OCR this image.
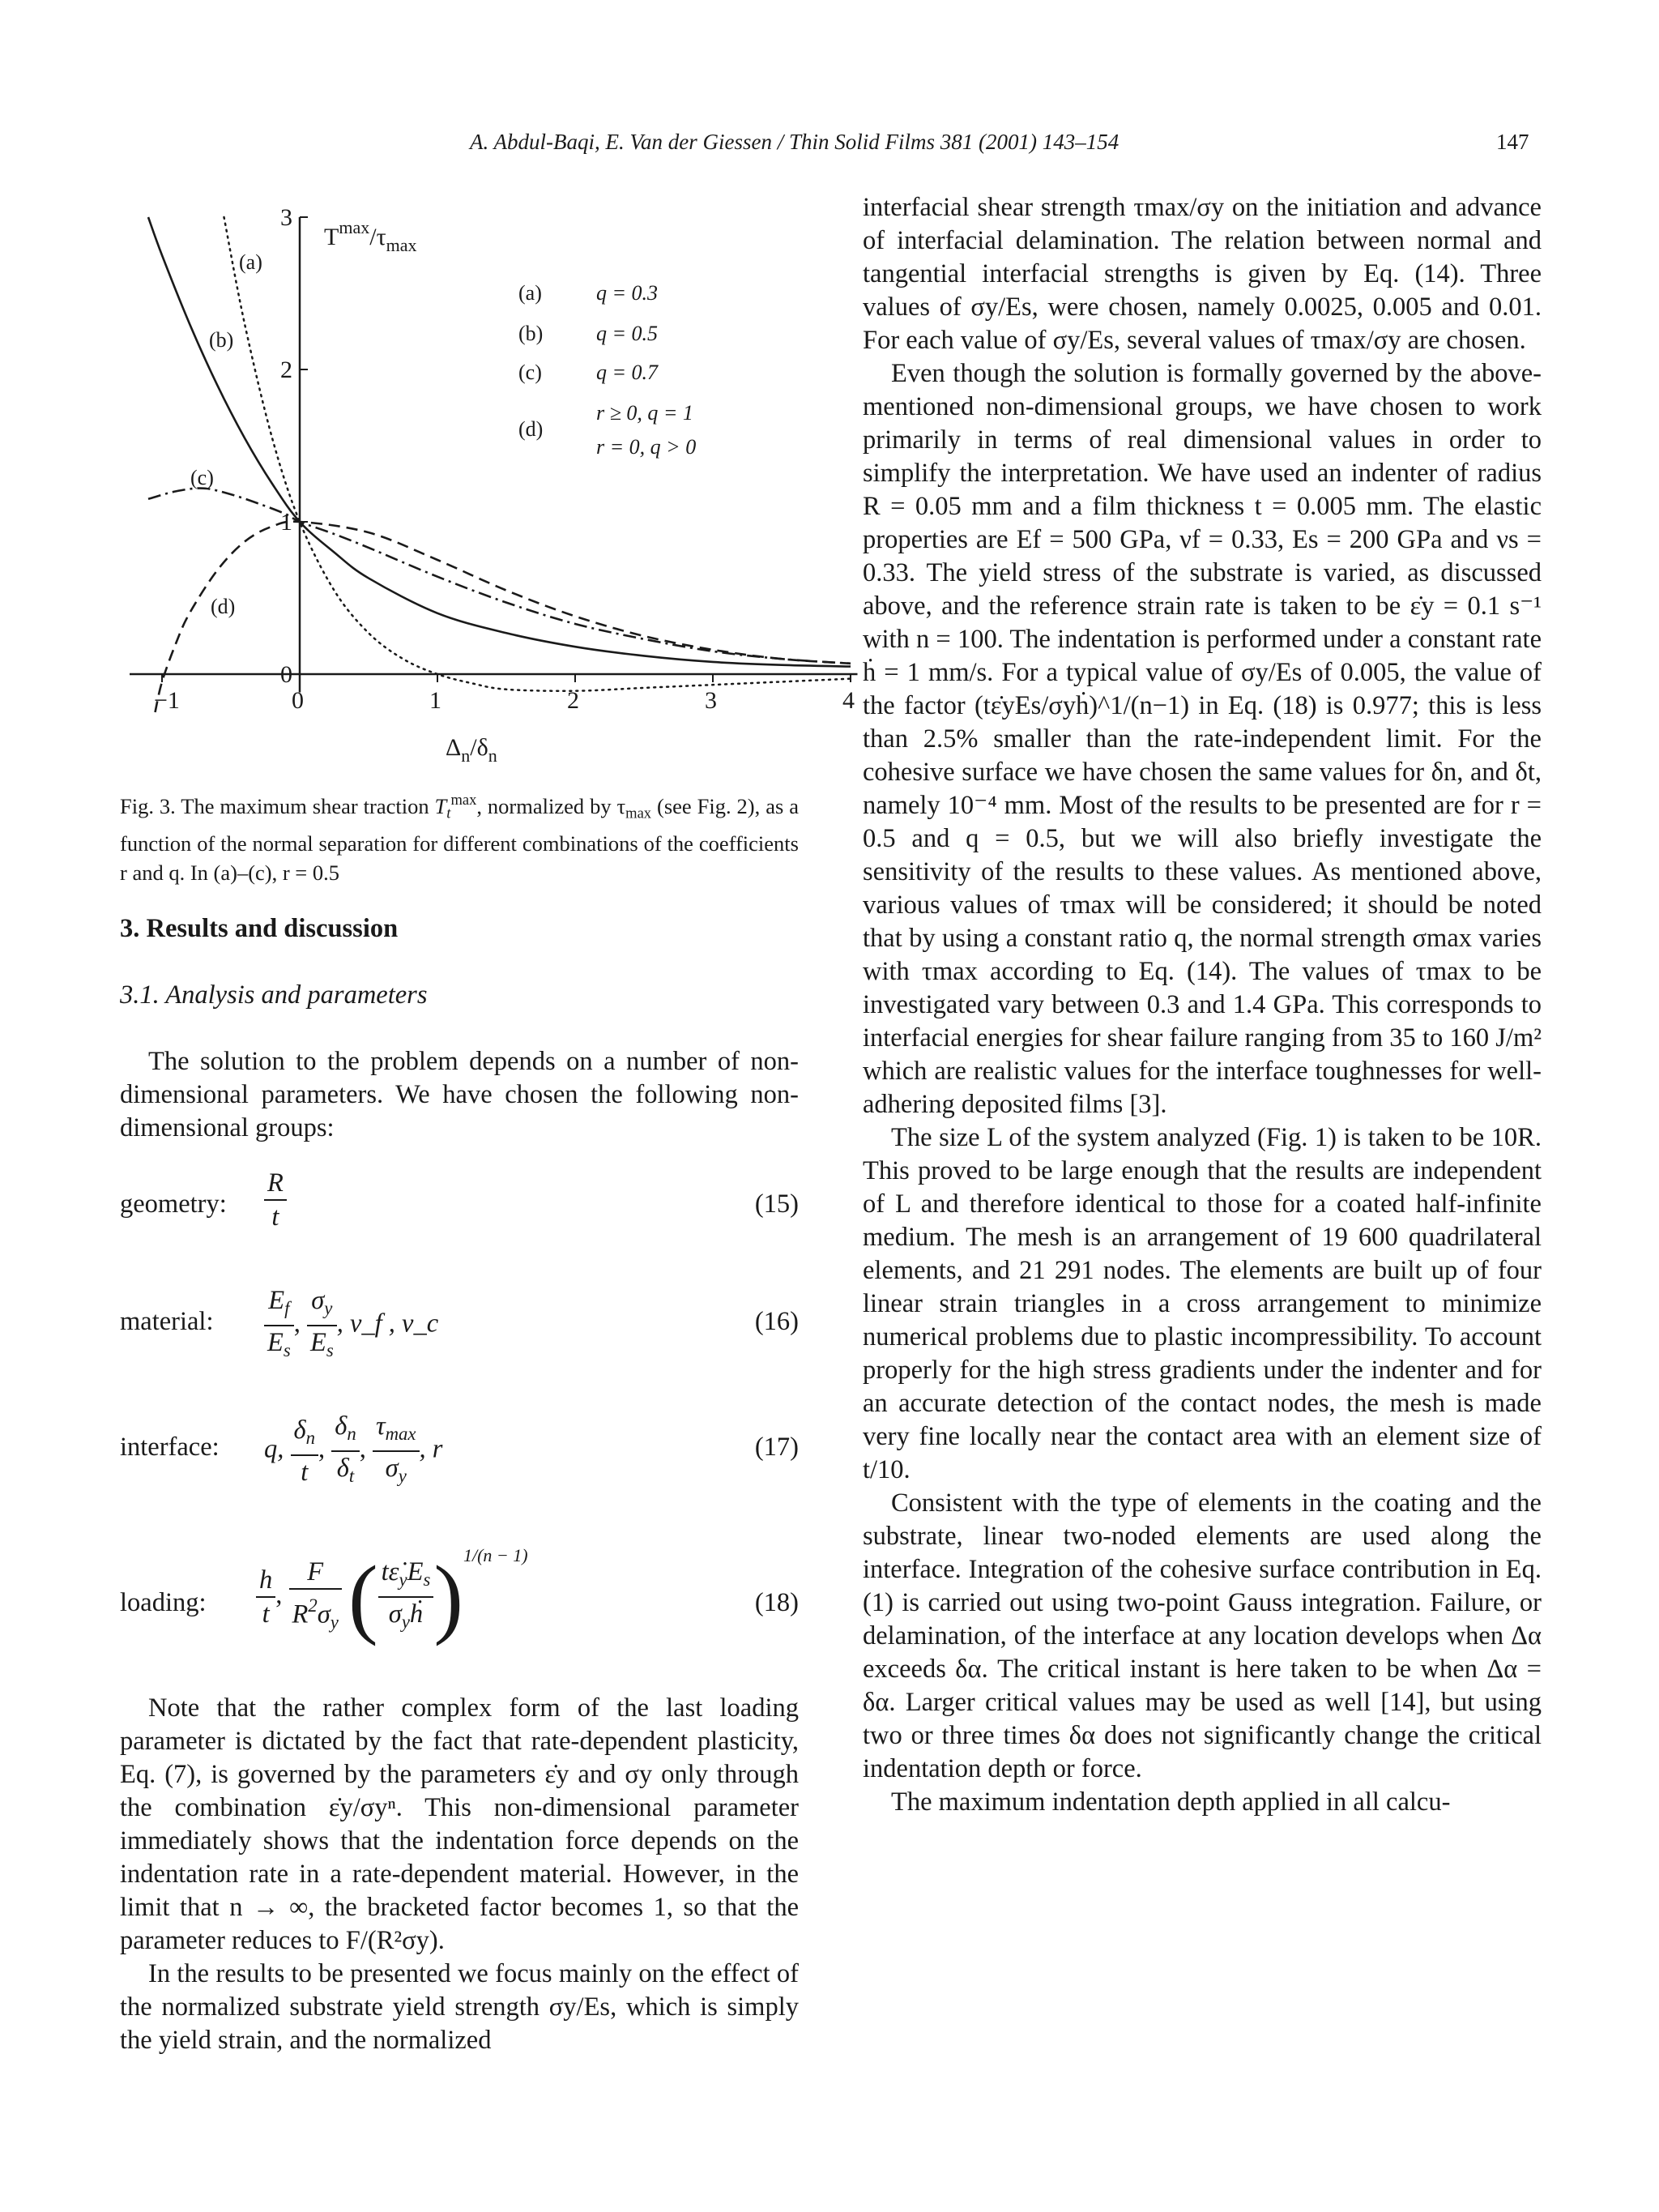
A. Abdul-Baqi, E. Van der Giessen / Thin Solid Films 381 (2001) 143–154	147
−1	0	1	2	3	4
0
1
2
3
$T^{max}/\tau_{max}$
$\Delta_n/\delta_n$
(a)
(b)
(c)
(d)
(a)	q = 0.3
(b)	q = 0.5
(c)	q = 0.7
(d)
r ≥ 0, q = 1
r = 0, q > 0
Fig. 3. The maximum shear traction $T_t^{max}$, normalized by $\tau_{max}$ (see Fig. 2), as a function of the normal separation for different combinations of the coefficients r and q. In (a)–(c), r = 0.5
3. Results and discussion
3.1. Analysis and parameters

The solution to the problem depends on a number of non-dimensional parameters. We have chosen the following non-dimensional groups:

geometry: $\frac{R}{t}$	(15)
material: $\frac{E_f}{E_s}$ , $\frac{\sigma_y}{E_s}$ , ν_f , ν_c	(16)
interface: q, $\frac{\delta_n}{t}$ , $\frac{\delta_n}{\delta_t}$ , $\frac{\tau_{max}}{\sigma_y}$ , r	(17)
loading: $\frac{h}{t}$ , $\frac{F}{R^2\sigma_y}$ ( $\frac{t\varepsiloṅ_yE_s}{\sigma_yḣ} )^{1/(n - 1)}$
(18)

Note that the rather complex form of the last loading parameter is dictated by the fact that rate-dependent plasticity, Eq. (7), is governed by the parameters ε̇y and σy only through the combination ε̇y/σyⁿ. This non-dimensional parameter immediately shows that the indentation force depends on the indentation rate in a rate-dependent material. However, in the limit that n → ∞, the bracketed factor becomes 1, so that the parameter reduces to F/(R²σy).

In the results to be presented we focus mainly on the effect of the normalized substrate yield strength σy/Es, which is simply the yield strain, and the normalized

interfacial shear strength τmax/σy on the initiation and advance of interfacial delamination. The relation between normal and tangential interfacial strengths is given by Eq. (14). Three values of σy/Es, were chosen, namely 0.0025, 0.005 and 0.01. For each value of σy/Es, several values of τmax/σy are chosen.

Even though the solution is formally governed by the above-mentioned non-dimensional groups, we have chosen to work primarily in terms of real dimensional values in order to simplify the interpretation. We have used an indenter of radius R = 0.05 mm and a film thickness t = 0.005 mm. The elastic properties are Ef = 500 GPa, νf = 0.33, Es = 200 GPa and νs = 0.33. The yield stress of the substrate is varied, as discussed above, and the reference strain rate is taken to be ε̇y = 0.1 s⁻¹ with n = 100. The indentation is performed under a constant rate ḣ = 1 mm/s. For a typical value of σy/Es of 0.005, the value of the factor (tε̇yEs/σyḣ)^1/(n−1) in Eq. (18) is 0.977; this is less than 2.5% smaller than the rate-independent limit. For the cohesive surface we have chosen the same values for δn, and δt, namely 10⁻⁴ mm. Most of the results to be presented are for r = 0.5 and q = 0.5, but we will also briefly investigate the sensitivity of the results to these values. As mentioned above, various values of τmax will be considered; it should be noted that by using a constant ratio q, the normal strength σmax varies with τmax according to Eq. (14). The values of τmax to be investigated vary between 0.3 and 1.4 GPa. This corresponds to interfacial energies for shear failure ranging from 35 to 160 J/m² which are realistic values for the interface toughnesses for well-adhering deposited films [3].

The size L of the system analyzed (Fig. 1) is taken to be 10R. This proved to be large enough that the results are independent of L and therefore identical to those for a coated half-infinite medium. The mesh is an arrangement of 19 600 quadrilateral elements, and 21 291 nodes. The elements are built up of four linear strain triangles in a cross arrangement to minimize numerical problems due to plastic incompressibility. To account properly for the high stress gradients under the indenter and for an accurate detection of the contact nodes, the mesh is made very fine locally near the contact area with an element size of t/10.

Consistent with the type of elements in the coating and the substrate, linear two-noded elements are used along the interface. Integration of the cohesive surface contribution in Eq. (1) is carried out using two-point Gauss integration. Failure, or delamination, of the interface at any location develops when Δα exceeds δα. The critical instant is here taken to be when Δα = δα. Larger critical values may be used as well [14], but using two or three times δα does not significantly change the critical indentation depth or force.

The maximum indentation depth applied in all calcu-
